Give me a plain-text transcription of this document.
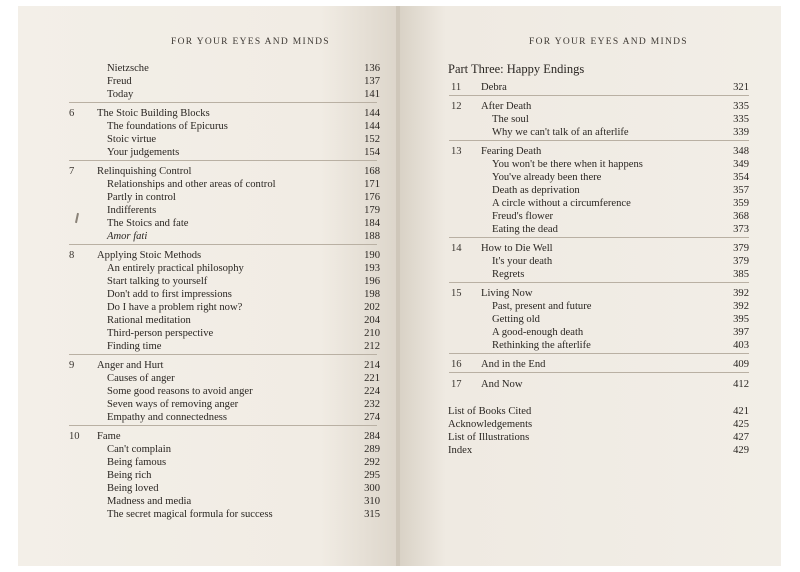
FOR YOUR EYES AND MINDS
Nietzsche	136
Freud	137
Today	141
6 The Stoic Building Blocks	144
The foundations of Epicurus	144
Stoic virtue	152
Your judgements	154
7 Relinquishing Control	168
Relationships and other areas of control	171
Partly in control	176
Indifferents	179
The Stoics and fate	184
Amor fati	188
8 Applying Stoic Methods	190
An entirely practical philosophy	193
Start talking to yourself	196
Don't add to first impressions	198
Do I have a problem right now?	202
Rational meditation	204
Third-person perspective	210
Finding time	212
9 Anger and Hurt	214
Causes of anger	221
Some good reasons to avoid anger	224
Seven ways of removing anger	232
Empathy and connectedness	274
10 Fame	284
Can't complain	289
Being famous	292
Being rich	295
Being loved	300
Madness and media	310
The secret magical formula for success	315
FOR YOUR EYES AND MINDS
Part Three: Happy Endings
11 Debra	321
12 After Death	335
The soul	335
Why we can't talk of an afterlife	339
13 Fearing Death	348
You won't be there when it happens	349
You've already been there	354
Death as deprivation	357
A circle without a circumference	359
Freud's flower	368
Eating the dead	373
14 How to Die Well	379
It's your death	379
Regrets	385
15 Living Now	392
Past, present and future	392
Getting old	395
A good-enough death	397
Rethinking the afterlife	403
16 And in the End	409
17 And Now	412
List of Books Cited	421
Acknowledgements	425
List of Illustrations	427
Index	429
